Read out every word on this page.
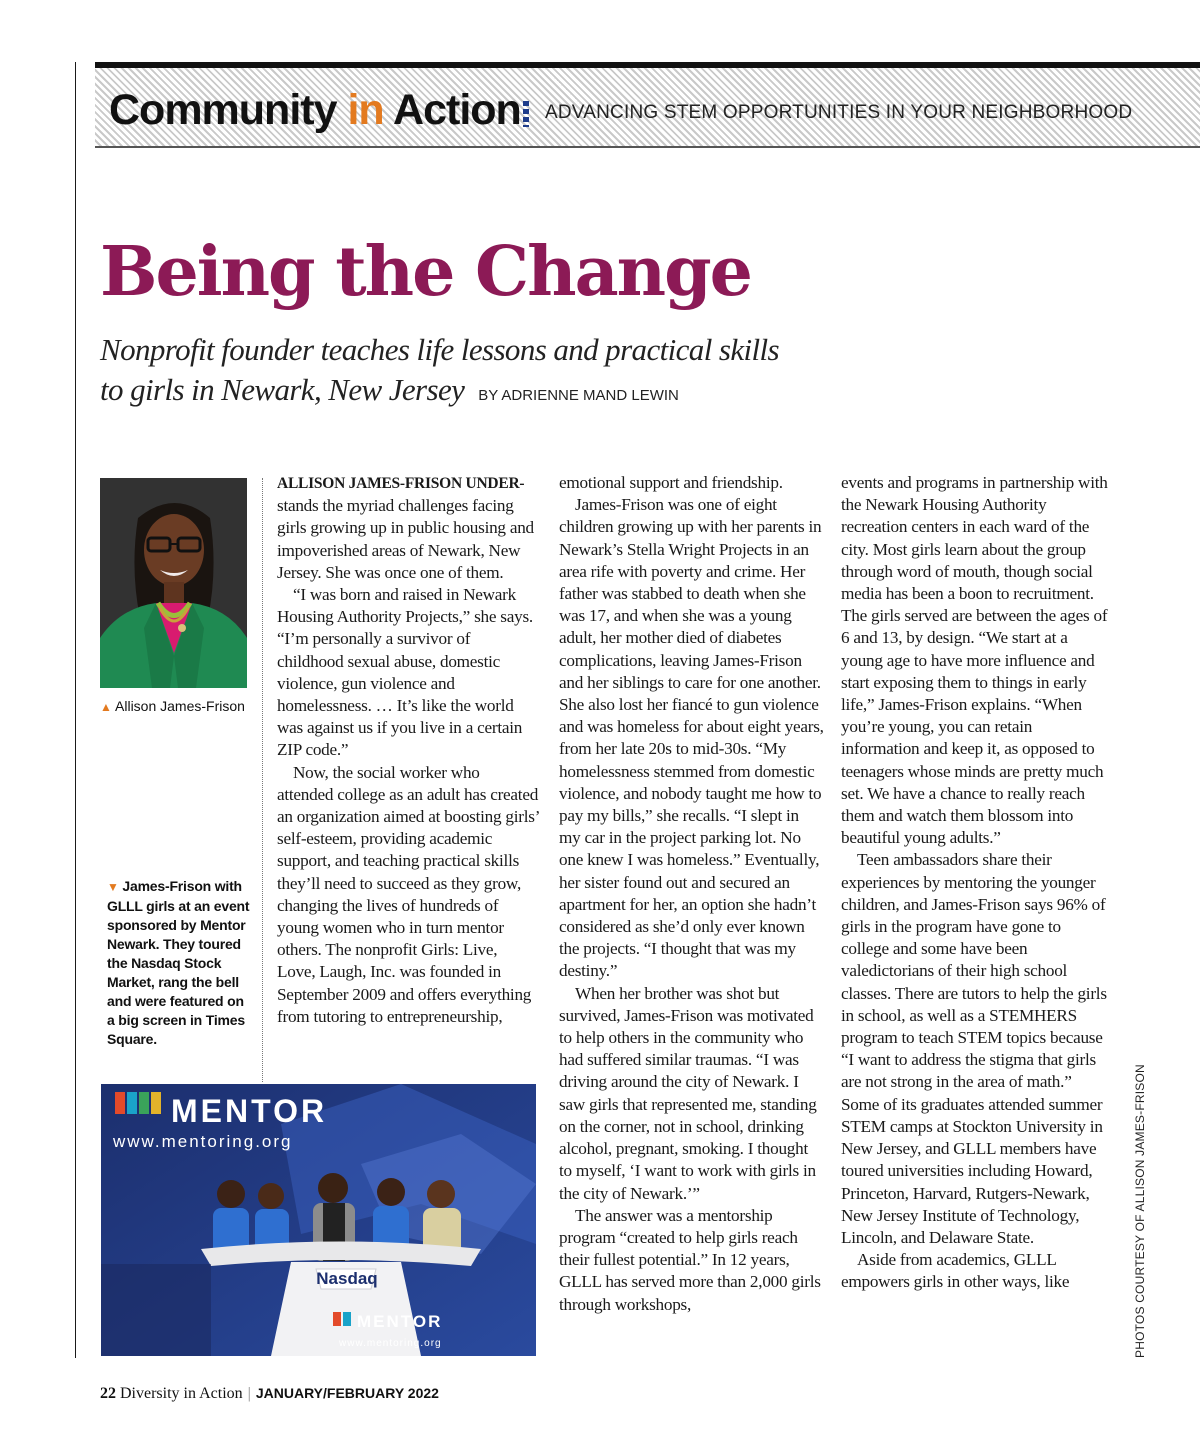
Community in Action ADVANCING STEM OPPORTUNITIES IN YOUR NEIGHBORHOOD
Being the Change
Nonprofit founder teaches life lessons and practical skills
to girls in Newark, New Jersey BY ADRIENNE MAND LEWIN
▲ Allison James-Frison
▼ James-Frison with GLLL girls at an event sponsored by Mentor Newark. They toured the Nasdaq Stock Market, rang the bell and were featured on a big screen in Times Square.
MENTOR
www.mentoring.org
Nasdaq
MENTOR
www.mentoring.org

ALLISON JAMES-FRISON UNDER-stands the myriad challenges facing girls growing up in public housing and impoverished areas of Newark, New Jersey. She was once one of them.

“I was born and raised in Newark Housing Authority Projects,” she says. “I’m personally a survivor of childhood sexual abuse, domestic violence, gun violence and homelessness. … It’s like the world was against us if you live in a certain ZIP code.”

Now, the social worker who attended college as an adult has created an organization aimed at boosting girls’ self-esteem, providing academic support, and teaching practical skills they’ll need to succeed as they grow, changing the lives of hundreds of young women who in turn mentor others. The nonprofit Girls: Live, Love, Laugh, Inc. was founded in September 2009 and offers everything from tutoring to entrepreneurship,

emotional support and friendship.

James-Frison was one of eight children growing up with her parents in Newark’s Stella Wright Projects in an area rife with poverty and crime. Her father was stabbed to death when she was 17, and when she was a young adult, her mother died of diabetes complications, leaving James-Frison and her siblings to care for one another. She also lost her fiancé to gun violence and was homeless for about eight years, from her late 20s to mid-30s. “My homelessness stemmed from domestic violence, and nobody taught me how to pay my bills,” she recalls. “I slept in my car in the project parking lot. No one knew I was homeless.” Eventually, her sister found out and secured an apartment for her, an option she hadn’t considered as she’d only ever known the projects. “I thought that was my destiny.”

When her brother was shot but survived, James-Frison was motivated to help others in the community who had suffered similar traumas. “I was driving around the city of Newark. I saw girls that represented me, standing on the corner, not in school, drinking alcohol, pregnant, smoking. I thought to myself, ‘I want to work with girls in the city of Newark.’”

The answer was a mentorship program “created to help girls reach their fullest potential.” In 12 years, GLLL has served more than 2,000 girls through workshops,

events and programs in partnership with the Newark Housing Authority recreation centers in each ward of the city. Most girls learn about the group through word of mouth, though social media has been a boon to recruitment. The girls served are between the ages of 6 and 13, by design. “We start at a young age to have more influence and start exposing them to things in early life,” James-Frison explains. “When you’re young, you can retain information and keep it, as opposed to teenagers whose minds are pretty much set. We have a chance to really reach them and watch them blossom into beautiful young adults.”

Teen ambassadors share their experiences by mentoring the younger children, and James-Frison says 96% of girls in the program have gone to college and some have been valedictorians of their high school classes. There are tutors to help the girls in school, as well as a STEMHERS program to teach STEM topics because “I want to address the stigma that girls are not strong in the area of math.” Some of its graduates attended summer STEM camps at Stockton University in New Jersey, and GLLL members have toured universities including Howard, Princeton, Harvard, Rutgers-Newark, New Jersey Institute of Technology, Lincoln, and Delaware State.

Aside from academics, GLLL empowers girls in other ways, like	PHOTOS COURTESY OF ALLISON JAMES-FRISON
22 Diversity in Action | JANUARY/FEBRUARY 2022
